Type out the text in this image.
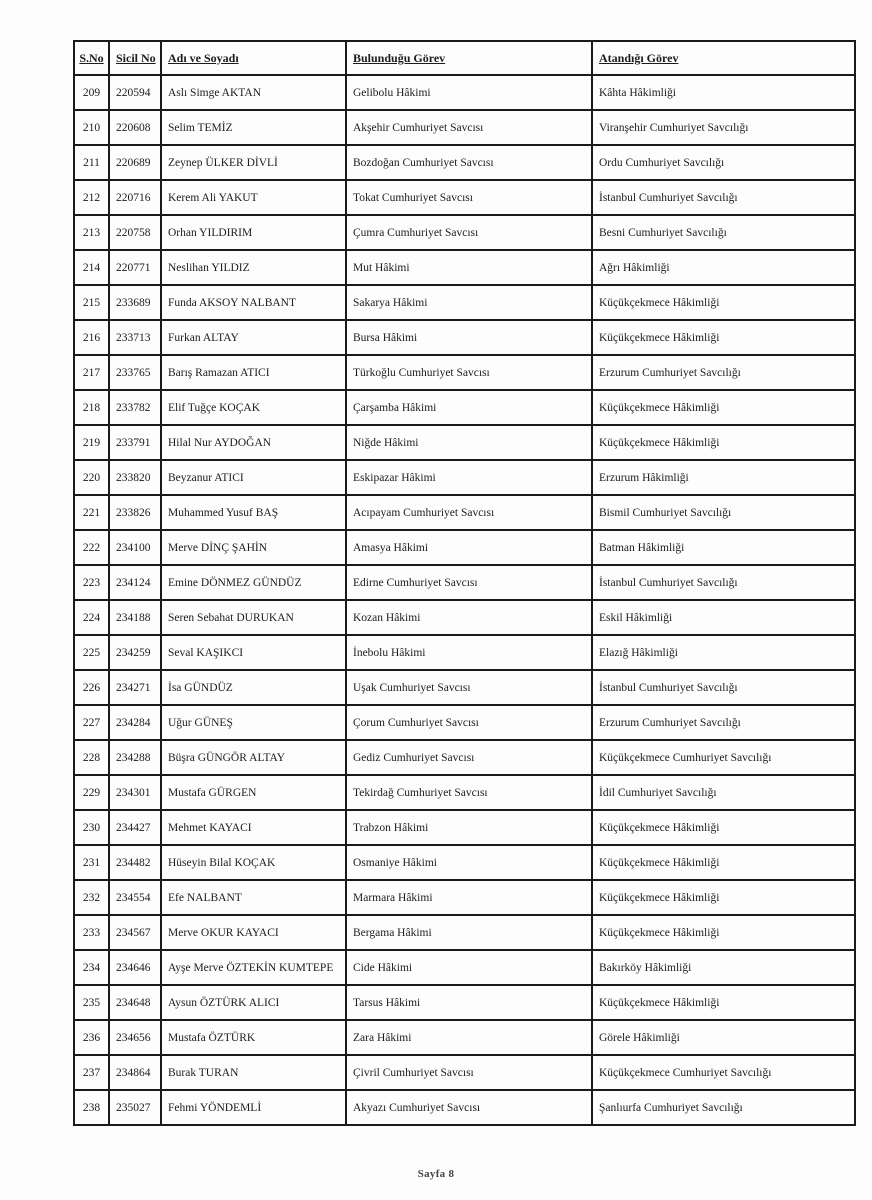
S.No	Sicil No	Adı ve Soyadı	Bulunduğu Görev	Atandığı Görev
209	220594	Aslı Simge AKTAN	Gelibolu Hâkimi	Kâhta Hâkimliği
210	220608	Selim TEMİZ	Akşehir Cumhuriyet Savcısı	Viranşehir Cumhuriyet Savcılığı
211	220689	Zeynep ÜLKER DİVLİ	Bozdoğan Cumhuriyet Savcısı	Ordu Cumhuriyet Savcılığı
212	220716	Kerem Ali YAKUT	Tokat Cumhuriyet Savcısı	İstanbul Cumhuriyet Savcılığı
213	220758	Orhan YILDIRIM	Çumra Cumhuriyet Savcısı	Besni Cumhuriyet Savcılığı
214	220771	Neslihan YILDIZ	Mut Hâkimi	Ağrı Hâkimliği
215	233689	Funda AKSOY NALBANT	Sakarya Hâkimi	Küçükçekmece Hâkimliği
216	233713	Furkan ALTAY	Bursa Hâkimi	Küçükçekmece Hâkimliği
217	233765	Barış Ramazan ATICI	Türkoğlu Cumhuriyet Savcısı	Erzurum Cumhuriyet Savcılığı
218	233782	Elif Tuğçe KOÇAK	Çarşamba Hâkimi	Küçükçekmece Hâkimliği
219	233791	Hilal Nur AYDOĞAN	Niğde Hâkimi	Küçükçekmece Hâkimliği
220	233820	Beyzanur ATICI	Eskipazar Hâkimi	Erzurum Hâkimliği
221	233826	Muhammed Yusuf BAŞ	Acıpayam Cumhuriyet Savcısı	Bismil Cumhuriyet Savcılığı
222	234100	Merve DİNÇ ŞAHİN	Amasya Hâkimi	Batman Hâkimliği
223	234124	Emine DÖNMEZ GÜNDÜZ	Edirne Cumhuriyet Savcısı	İstanbul Cumhuriyet Savcılığı
224	234188	Seren Sebahat DURUKAN	Kozan Hâkimi	Eskil Hâkimliği
225	234259	Seval KAŞIKCI	İnebolu Hâkimi	Elazığ Hâkimliği
226	234271	İsa GÜNDÜZ	Uşak Cumhuriyet Savcısı	İstanbul Cumhuriyet Savcılığı
227	234284	Uğur GÜNEŞ	Çorum Cumhuriyet Savcısı	Erzurum Cumhuriyet Savcılığı
228	234288	Büşra GÜNGÖR ALTAY	Gediz Cumhuriyet Savcısı	Küçükçekmece Cumhuriyet Savcılığı
229	234301	Mustafa GÜRGEN	Tekirdağ Cumhuriyet Savcısı	İdil Cumhuriyet Savcılığı
230	234427	Mehmet KAYACI	Trabzon Hâkimi	Küçükçekmece Hâkimliği
231	234482	Hüseyin Bilal KOÇAK	Osmaniye Hâkimi	Küçükçekmece Hâkimliği
232	234554	Efe NALBANT	Marmara Hâkimi	Küçükçekmece Hâkimliği
233	234567	Merve OKUR KAYACI	Bergama Hâkimi	Küçükçekmece Hâkimliği
234	234646	Ayşe Merve ÖZTEKİN KUMTEPE	Cide Hâkimi	Bakırköy Hâkimliği
235	234648	Aysun ÖZTÜRK ALICI	Tarsus Hâkimi	Küçükçekmece Hâkimliği
236	234656	Mustafa ÖZTÜRK	Zara Hâkimi	Görele Hâkimliği
237	234864	Burak TURAN	Çivril Cumhuriyet Savcısı	Küçükçekmece Cumhuriyet Savcılığı
238	235027	Fehmi YÖNDEMLİ	Akyazı Cumhuriyet Savcısı	Şanlıurfa Cumhuriyet Savcılığı
Sayfa 8
